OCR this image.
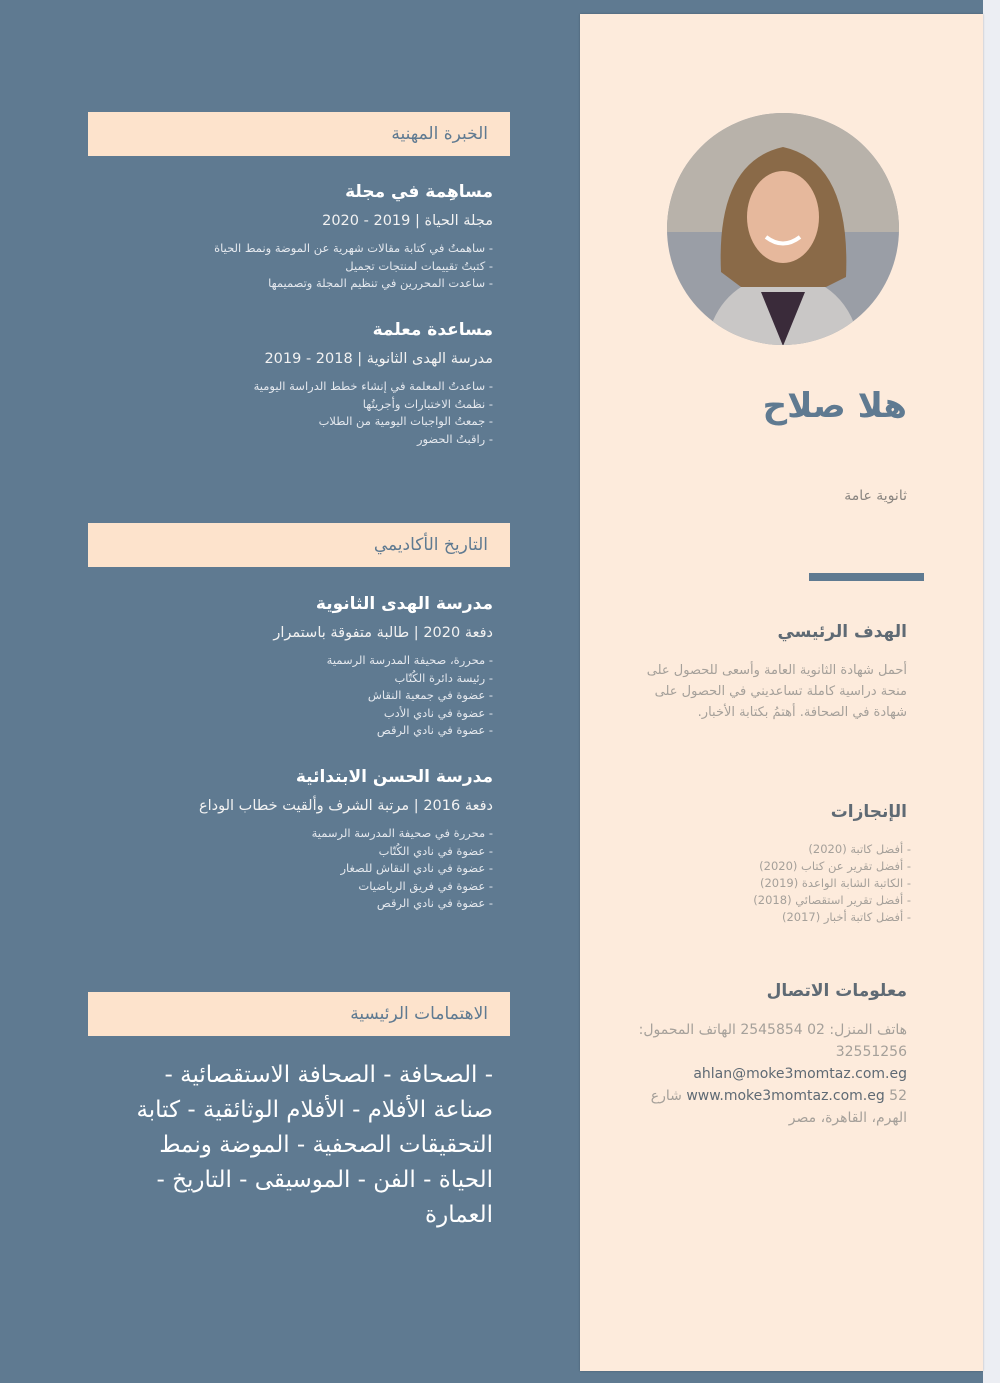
الخبرة المهنية
مساهِمة في مجلة
مجلة الحياة | 2019 - 2020
- ساهمتُ في كتابة مقالات شهرية عن الموضة ونمط الحياة
- كتبتُ تقييمات لمنتجات تجميل
- ساعدت المحررين في تنظيم المجلة وتصميمها
مساعدة معلمة
مدرسة الهدى الثانوية | 2018 - 2019
- ساعدتُ المعلمة في إنشاء خطط الدراسة اليومية
- نظمتُ الاختبارات وأجريتُها
- جمعتُ الواجبات اليومية من الطلاب
- راقبتُ الحضور
التاريخ الأكاديمي
مدرسة الهدى الثانوية
دفعة 2020 | طالبة متفوقة باستمرار
- محررة، صحيفة المدرسة الرسمية
- رئيسة دائرة الكُتّاب
- عضوة في جمعية النقاش
- عضوة في نادي الأدب
- عضوة في نادي الرقص
مدرسة الحسن الابتدائية
دفعة 2016 | مرتبة الشرف وألقيت خطاب الوداع
- محررة في صحيفة المدرسة الرسمية
- عضوة في نادي الكُتّاب
- عضوة في نادي النقاش للصغار
- عضوة في فريق الرياضيات
- عضوة في نادي الرقص
الاهتمامات الرئيسية
- الصحافة - الصحافة الاستقصائية - صناعة الأفلام - الأفلام الوثائقية - كتابة التحقيقات الصحفية - الموضة ونمط الحياة - الفن - الموسيقى - التاريخ - العمارة
هلا صلاح
ثانوية عامة
الهدف الرئيسي
أحمل شهادة الثانوية العامة وأسعى للحصول على منحة دراسية كاملة تساعديني في الحصول على شهادة في الصحافة. أهتمُ بكتابة الأخبار.
الإنجازات
- أفضل كاتبة (2020)
- أفضل تقرير عن كتاب (2020)
- الكاتبة الشابة الواعدة (2019)
- أفضل تقرير استقصائي (2018)
- أفضل كاتبة أخبار (2017)
معلومات الاتصال
هاتف المنزل: 02 2545854 الهاتف المحمول: 32551256
ahlan@moke3momtaz.com.eg
www.moke3momtaz.com.eg 52 شارع الهرم، القاهرة، مصر
